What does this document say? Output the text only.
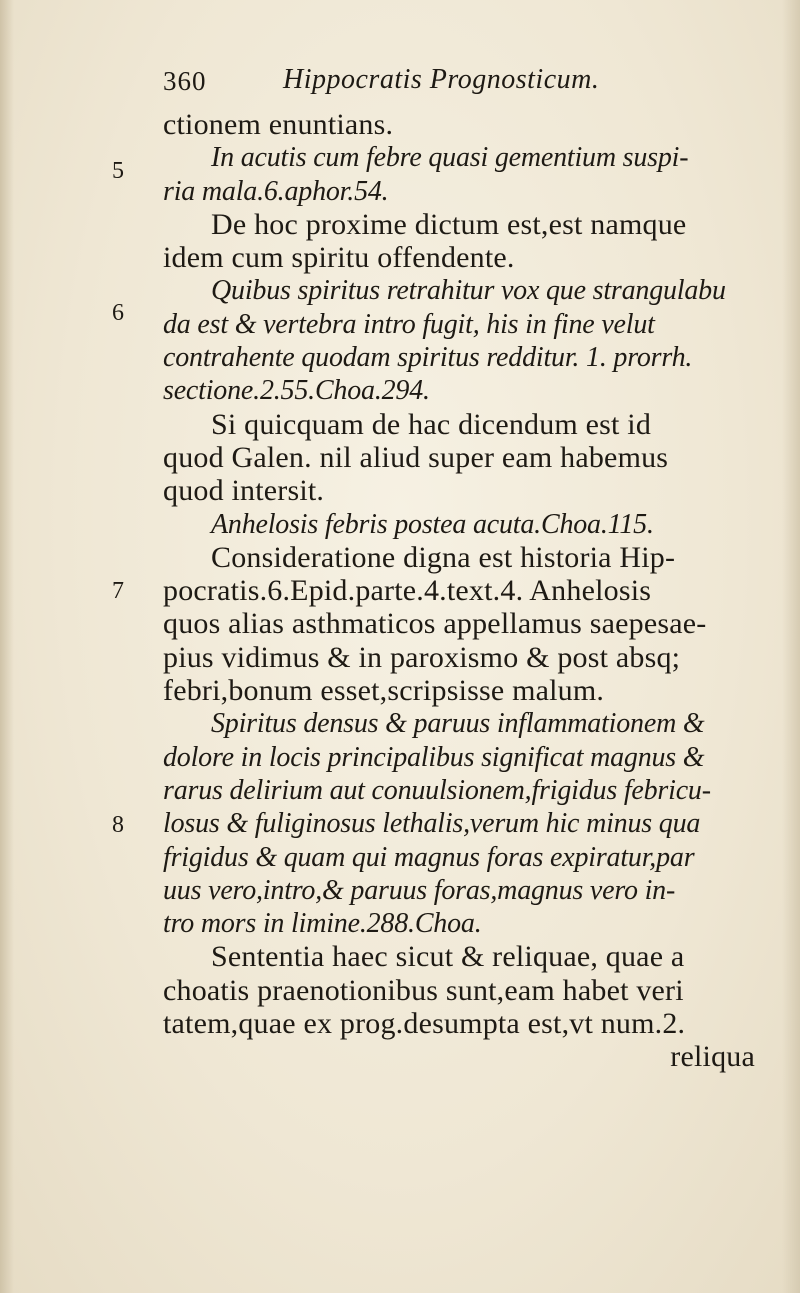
360	Hippocratis Prognosticum.
5
6
7
8
ctionem enuntians.
In acutis cum febre quasi gementium suspi-
ria mala.6.aphor.54.
De hoc proxime dictum est,est namque
idem cum spiritu offendente.
Quibus spiritus retrahitur vox que strangulabu
da est & vertebra intro fugit, his in fine velut
contrahente quodam spiritus redditur. 1. prorrh.
sectione.2.55.Choa.294.
Si quicquam de hac dicendum est id
quod Galen. nil aliud super eam habemus
quod intersit.
Anhelosis febris postea acuta.Choa.115.
Consideratione digna est historia Hip-
pocratis.6.Epid.parte.4.text.4. Anhelosis
quos alias asthmaticos appellamus saepesae-
pius vidimus & in paroxismo & post absq;
febri,bonum esset,scripsisse malum.
Spiritus densus & paruus inflammationem &
dolore in locis principalibus significat magnus &
rarus delirium aut conuulsionem,frigidus febricu-
losus & fuliginosus lethalis,verum hic minus qua
frigidus & quam qui magnus foras expiratur,par
uus vero,intro,& paruus foras,magnus vero in-
tro mors in limine.288.Choa.
Sententia haec sicut & reliquae, quae a
choatis praenotionibus sunt,eam habet veri
tatem,quae ex prog.desumpta est,vt num.2.
reliqua
